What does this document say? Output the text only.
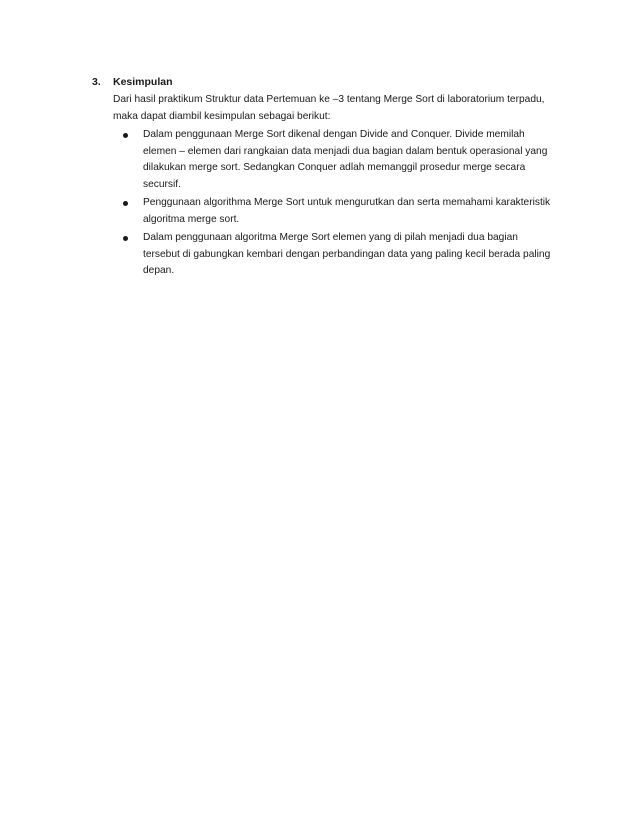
3. Kesimpulan
Dari hasil praktikum Struktur data Pertemuan ke –3 tentang Merge Sort di laboratorium terpadu, maka dapat diambil kesimpulan sebagai berikut:
Dalam penggunaan Merge Sort dikenal dengan Divide and Conquer. Divide memilah elemen – elemen dari rangkaian data menjadi dua bagian dalam bentuk operasional yang dilakukan merge sort. Sedangkan Conquer adlah memanggil prosedur merge secara secursif.
Penggunaan algorithma Merge Sort untuk mengurutkan dan serta memahami karakteristik algoritma merge sort.
Dalam penggunaan algoritma Merge Sort elemen yang di pilah menjadi dua bagian tersebut di gabungkan kembari dengan perbandingan data yang paling kecil berada paling depan.
